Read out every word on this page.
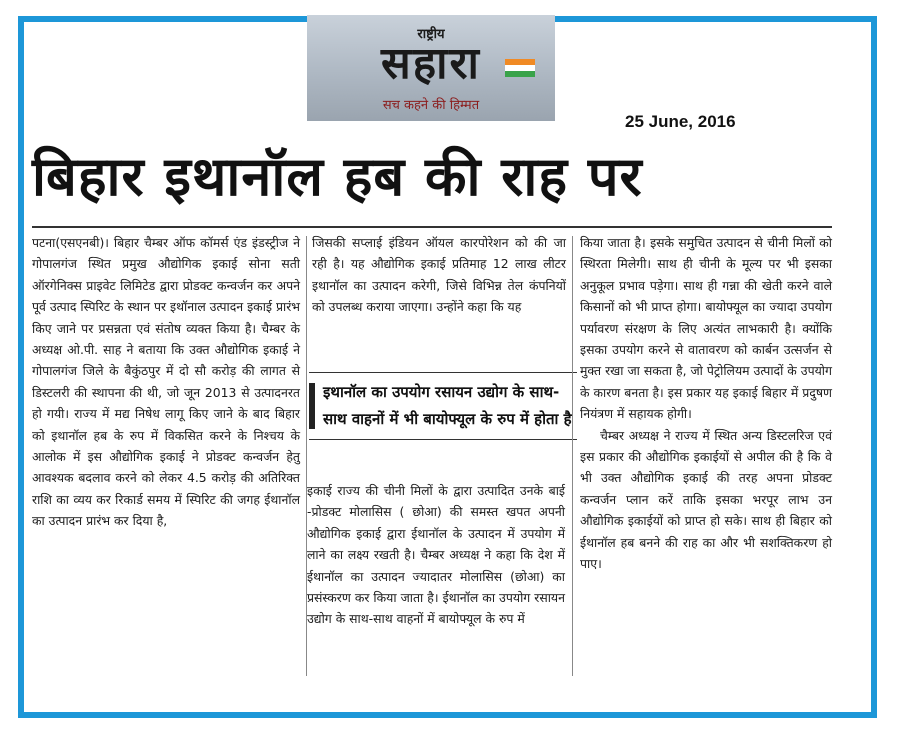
राष्ट्रीय
सहारा
सच कहने की हिम्मत
25 June, 2016
बिहार इथानॉल हब की राह पर
पटना(एसएनबी)। बिहार चैम्बर ऑफ कॉमर्स एंड इंडस्ट्रीज ने गोपालगंज स्थित प्रमुख औद्योगिक इकाई सोना सती ऑरगेनिक्स प्राइवेट लिमिटेड द्वारा प्रोडक्ट कन्वर्जन कर अपने पूर्व उत्पाद स्पिरिट के स्थान पर इथॉनाल उत्पादन इकाई प्रारंभ किए जाने पर प्रसन्नता एवं संतोष व्यक्त किया है। चैम्बर के अध्यक्ष ओ.पी. साह ने बताया कि उक्त औद्योगिक इकाई ने गोपालगंज जिले के बैकुंठपुर में दो सौ करोड़ की लागत से डिस्टलरी की स्थापना की थी, जो जून 2013 से उत्पादनरत हो गयी। राज्य में मद्य निषेध लागू किए जाने के बाद बिहार को इथानॉल हब के रुप में विकसित करने के निश्चय के आलोक में इस औद्योगिक इकाई ने प्रोडक्ट कन्वर्जन हेतु आवश्यक बदलाव करने को लेकर 4.5 करोड़ की अतिरिक्त राशि का व्यय कर रिकार्ड समय में स्पिरिट की जगह ईथानॉल का उत्पादन प्रारंभ कर दिया है,
जिसकी सप्लाई इंडियन ऑयल कारपोरेशन को की जा रही है। यह औद्योगिक इकाई प्रतिमाह 12 लाख लीटर इथानॉल का उत्पादन करेगी, जिसे विभिन्न तेल कंपनियों को उपलब्ध कराया जाएगा। उन्होंने कहा कि यह
इथानॉल का उपयोग रसायन उद्योग के साथ-साथ वाहनों में भी बायोफ्यूल के रुप में होता है
इकाई राज्य की चीनी मिलों के द्वारा उत्पादित उनके बाई -प्रोडक्ट मोलासिस ( छोआ) की समस्त खपत अपनी औद्योगिक इकाई द्वारा ईथानॉल के उत्पादन में उपयोग में लाने का लक्ष्य रखती है। चैम्बर अध्यक्ष ने कहा कि देश में ईथानॉल का उत्पादन ज्यादातर मोलासिस (छोआ) का प्रसंस्करण कर किया जाता है। ईथानॉल का उपयोग रसायन उद्योग के साथ-साथ वाहनों में बायोफ्यूल के रुप में
किया जाता है। इसके समुचित उत्पादन से चीनी मिलों को स्थिरता मिलेगी। साथ ही चीनी के मूल्य पर भी इसका अनुकूल प्रभाव पड़ेगा। साथ ही गन्ना की खेती करने वाले किसानों को भी प्राप्त होगा। बायोफ्यूल का ज्यादा उपयोग पर्यावरण संरक्षण के लिए अत्यंत लाभकारी है। क्योंकि इसका उपयोग करने से वातावरण को कार्बन उत्सर्जन से मुक्त रखा जा सकता है, जो पेट्रोलियम उत्पादों के उपयोग के कारण बनता है। इस प्रकार यह इकाई बिहार में प्रदुषण नियंत्रण में सहायक होगी।
चैम्बर अध्यक्ष ने राज्य में स्थित अन्य डिस्टलरिज एवं इस प्रकार की औद्योगिक इकाईयों से अपील की है कि वे भी उक्त औद्योगिक इकाई की तरह अपना प्रोडक्ट कन्वर्जन प्लान करें ताकि इसका भरपूर लाभ उन औद्योगिक इकाईयों को प्राप्त हो सके। साथ ही बिहार को ईथानॉल हब बनने की राह का और भी सशक्तिकरण हो पाए।
